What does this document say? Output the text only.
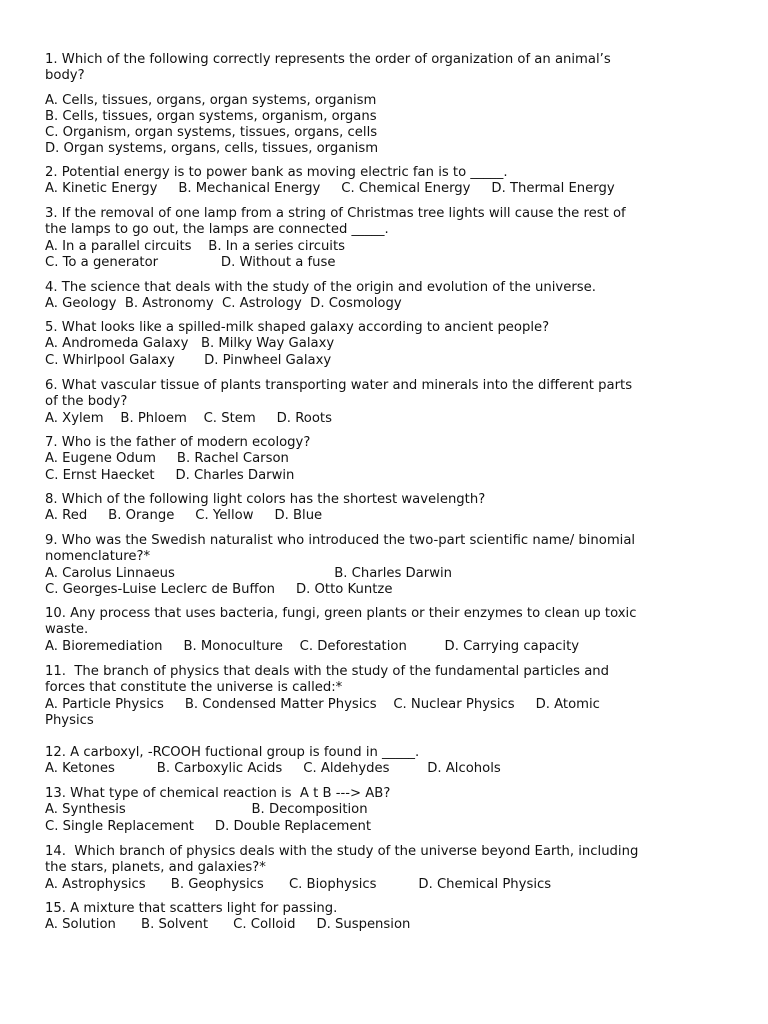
1. Which of the following correctly represents the order of organization of an animal’s
body?
A. Cells, tissues, organs, organ systems, organism
B. Cells, tissues, organ systems, organism, organs
C. Organism, organ systems, tissues, organs, cells
D. Organ systems, organs, cells, tissues, organism
2. Potential energy is to power bank as moving electric fan is to _____.
A. Kinetic Energy     B. Mechanical Energy     C. Chemical Energy     D. Thermal Energy
3. If the removal of one lamp from a string of Christmas tree lights will cause the rest of
the lamps to go out, the lamps are connected _____.
A. In a parallel circuits    B. In a series circuits
C. To a generator               D. Without a fuse
4. The science that deals with the study of the origin and evolution of the universe.
A. Geology  B. Astronomy  C. Astrology  D. Cosmology
5. What looks like a spilled-milk shaped galaxy according to ancient people?
A. Andromeda Galaxy   B. Milky Way Galaxy
C. Whirlpool Galaxy       D. Pinwheel Galaxy
6. What vascular tissue of plants transporting water and minerals into the different parts
of the body?
A. Xylem    B. Phloem    C. Stem     D. Roots
7. Who is the father of modern ecology?
A. Eugene Odum     B. Rachel Carson
C. Ernst Haecket     D. Charles Darwin
8. Which of the following light colors has the shortest wavelength?
A. Red     B. Orange     C. Yellow     D. Blue
9. Who was the Swedish naturalist who introduced the two-part scientific name/ binomial
nomenclature?*
A. Carolus Linnaeus                                      B. Charles Darwin
C. Georges-Luise Leclerc de Buffon     D. Otto Kuntze
10. Any process that uses bacteria, fungi, green plants or their enzymes to clean up toxic
waste.
A. Bioremediation     B. Monoculture    C. Deforestation         D. Carrying capacity
11.  The branch of physics that deals with the study of the fundamental particles and
forces that constitute the universe is called:*
A. Particle Physics     B. Condensed Matter Physics    C. Nuclear Physics     D. Atomic
Physics
12. A carboxyl, -RCOOH fuctional group is found in _____.
A. Ketones          B. Carboxylic Acids     C. Aldehydes         D. Alcohols
13. What type of chemical reaction is  A t B ---> AB?
A. Synthesis                              B. Decomposition
C. Single Replacement     D. Double Replacement
14.  Which branch of physics deals with the study of the universe beyond Earth, including
the stars, planets, and galaxies?*
A. Astrophysics      B. Geophysics      C. Biophysics          D. Chemical Physics
15. A mixture that scatters light for passing.
A. Solution      B. Solvent      C. Colloid     D. Suspension
